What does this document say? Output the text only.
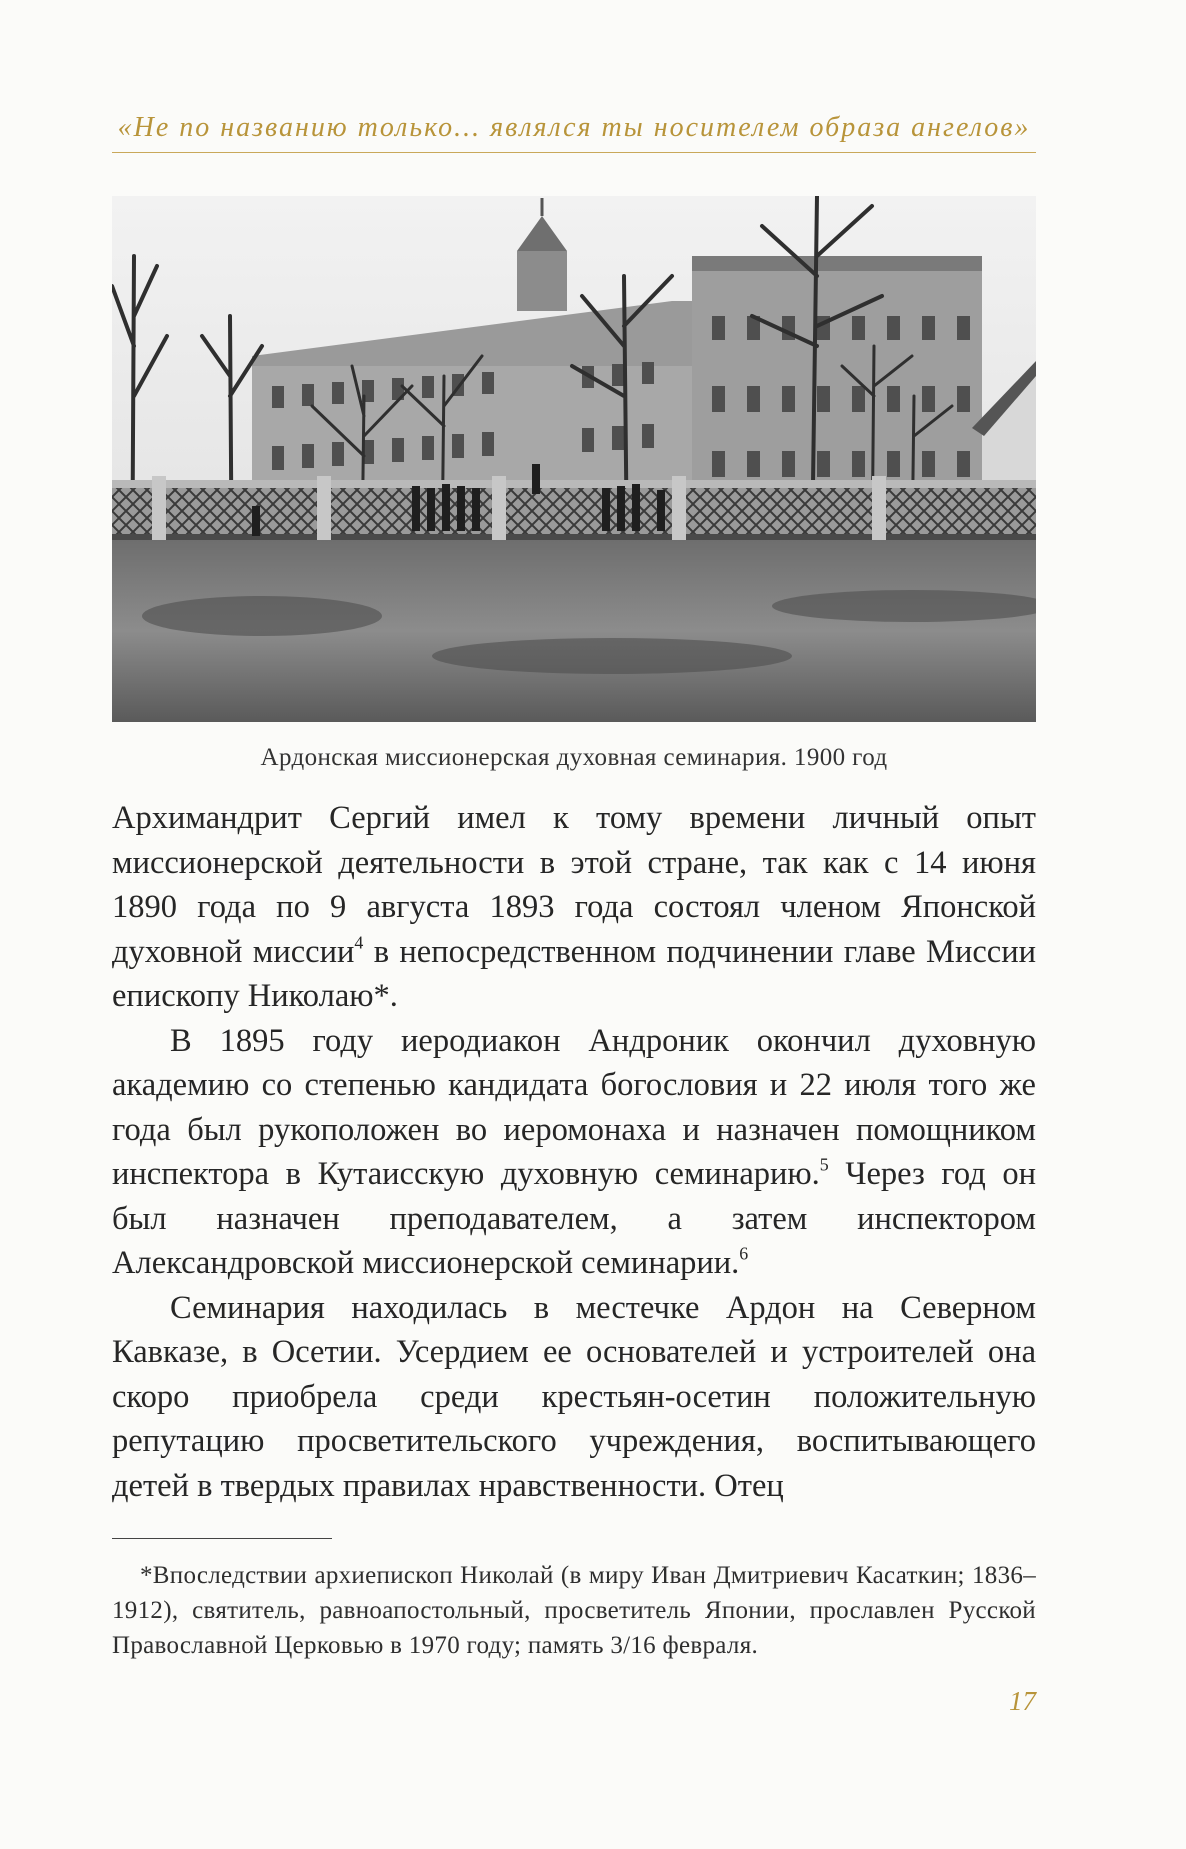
«Не по названию только... являлся ты носителем образа ангелов»
Ардонская миссионерская духовная семинария. 1900 год

Архимандрит Сергий имел к тому времени личный опыт миссионерской деятельности в этой стране, так как с 14 июня 1890 года по 9 августа 1893 года состоял членом Японской духовной миссии$^4$ в непосредственном подчинении главе Миссии епископу Николаю*.

В 1895 году иеродиакон Андроник окончил духовную академию со степенью кандидата богословия и 22 июля того же года был рукоположен во иеромонаха и назначен помощником инспектора в Кутаисскую духовную семинарию.$^5$ Через год он был назначен преподавателем, а затем инспектором Александровской миссионерской семинарии.$^6$

Семинария находилась в местечке Ардон на Северном Кавказе, в Осетии. Усердием ее основателей и устроителей она скоро приобрела среди крестьян-осетин положительную репутацию просветительского учреждения, воспитывающего детей в твердых правилах нравственности. Отец

*Впоследствии архиепископ Николай (в миру Иван Дмитриевич Касаткин; 1836–1912), святитель, равноапостольный, просветитель Японии, прославлен Русской Православной Церковью в 1970 году; память 3/16 февраля.

17
